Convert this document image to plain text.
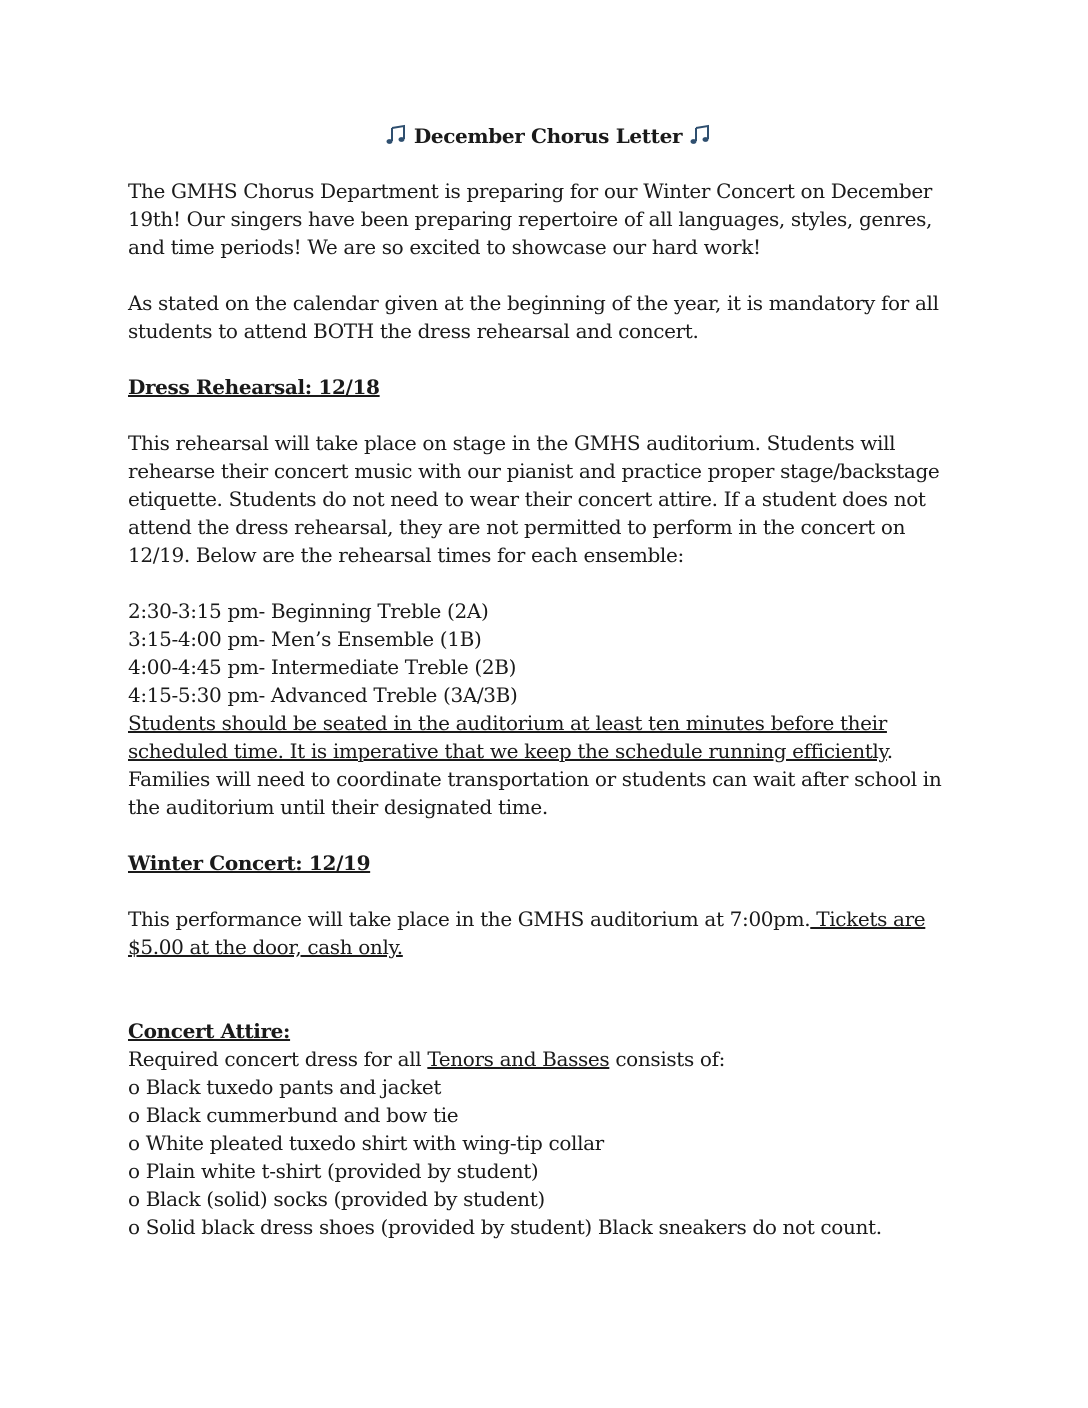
December Chorus Letter

The GMHS Chorus Department is preparing for our Winter Concert on December 19th! Our singers have been preparing repertoire of all languages, styles, genres, and time periods! We are so excited to showcase our hard work!

As stated on the calendar given at the beginning of the year, it is mandatory for all students to attend BOTH the dress rehearsal and concert.

Dress Rehearsal: 12/18

This rehearsal will take place on stage in the GMHS auditorium. Students will rehearse their concert music with our pianist and practice proper stage/backstage etiquette. Students do not need to wear their concert attire. If a student does not attend the dress rehearsal, they are not permitted to perform in the concert on 12/19. Below are the rehearsal times for each ensemble:

2:30-3:15 pm- Beginning Treble (2A)
3:15-4:00 pm- Men’s Ensemble (1B)
4:00-4:45 pm- Intermediate Treble (2B)
4:15-5:30 pm- Advanced Treble (3A/3B)

Students should be seated in the auditorium at least ten minutes before their scheduled time. It is imperative that we keep the schedule running efficiently. Families will need to coordinate transportation or students can wait after school in the auditorium until their designated time.

Winter Concert: 12/19

This performance will take place in the GMHS auditorium at 7:00pm. Tickets are $5.00 at the door, cash only.

Concert Attire:

Required concert dress for all Tenors and Basses consists of:

o Black tuxedo pants and jacket
o Black cummerbund and bow tie
o White pleated tuxedo shirt with wing-tip collar
o Plain white t-shirt (provided by student)
o Black (solid) socks (provided by student)
o Solid black dress shoes (provided by student) Black sneakers do not count.
